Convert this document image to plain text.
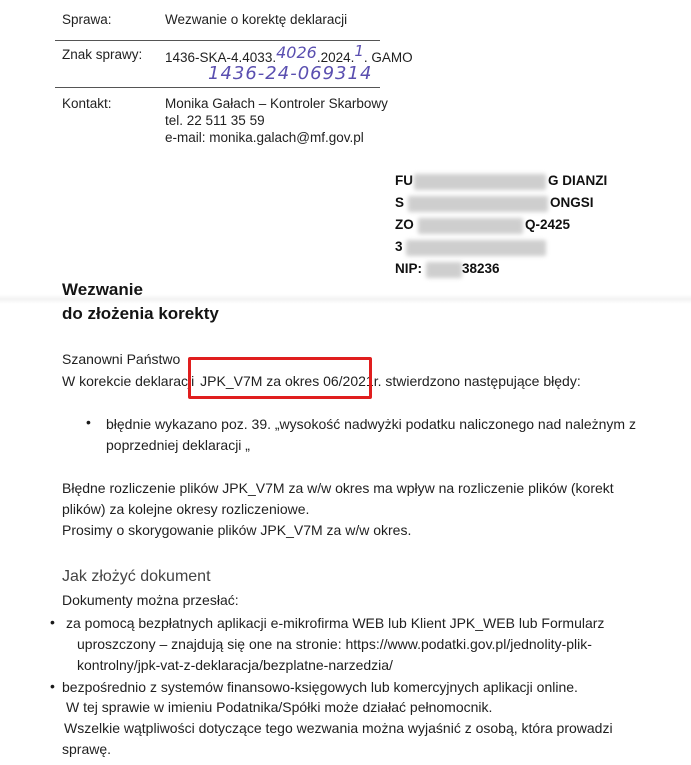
Sprawa:	Wezwanie o korektę deklaracji
Znak sprawy: 1436-SKA-4.4033.4026.2024.1. GAMO
1436-24-069314
Kontakt:	Monika Gałach – Kontroler Skarbowy
tel. 22 511 35 59
e-mail: monika.galach@mf.gov.pl
FU	G DIANZI
S	ONGSI
ZO	Q-2425
3
NIP:	38236
Wezwanie
do złożenia korekty
Szanowni Państwo
W korekcie deklaracji JPK_V7M za okres 06/2021r. stwierdzono następujące błędy:
• błędnie wykazano poz. 39. „wysokość nadwyżki podatku naliczonego nad należnym z
poprzedniej deklaracji „
Błędne rozliczenie plików JPK_V7M za w/w okres ma wpływ na rozliczenie plików (korekt
plików) za kolejne okresy rozliczeniowe.
Prosimy o skorygowanie plików JPK_V7M za w/w okres.
Jak złożyć dokument
Dokumenty można przesłać:
• za pomocą bezpłatnych aplikacji e-mikrofirma WEB lub Klient JPK_WEB lub Formularz
uproszczony – znajdują się one na stronie: https://www.podatki.gov.pl/jednolity-plik-
kontrolny/jpk-vat-z-deklaracja/bezplatne-narzedzia/
• bezpośrednio z systemów finansowo-księgowych lub komercyjnych aplikacji online.
W tej sprawie w imieniu Podatnika/Spółki może działać pełnomocnik.
Wszelkie wątpliwości dotyczące tego wezwania można wyjaśnić z osobą, która prowadzi
sprawę.
